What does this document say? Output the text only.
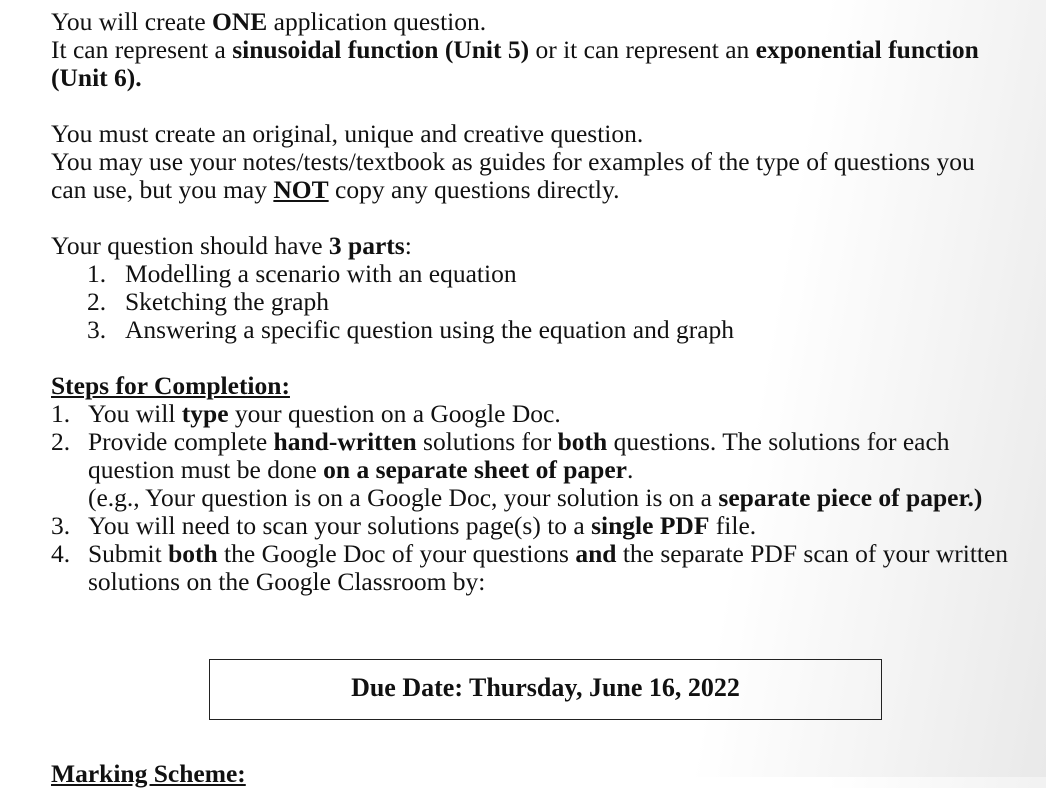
You will create ONE application question.

It can represent a sinusoidal function (Unit 5) or it can represent an exponential function (Unit 6).

You must create an original, unique and creative question.

You may use your notes/tests/textbook as guides for examples of the type of questions you can use, but you may NOT copy any questions directly.

Your question should have 3 parts:

1. Modelling a scenario with an equation
2. Sketching the graph
3. Answering a specific question using the equation and graph

Steps for Completion:

1. You will type your question on a Google Doc.
2. Provide complete hand-written solutions for both questions. The solutions for each question must be done on a separate sheet of paper.
(e.g., Your question is on a Google Doc, your solution is on a separate piece of paper.)
3. You will need to scan your solutions page(s) to a single PDF file.
4. Submit both the Google Doc of your questions and the separate PDF scan of your written solutions on the Google Classroom by:
Due Date: Thursday, June 16, 2022
Marking Scheme:
